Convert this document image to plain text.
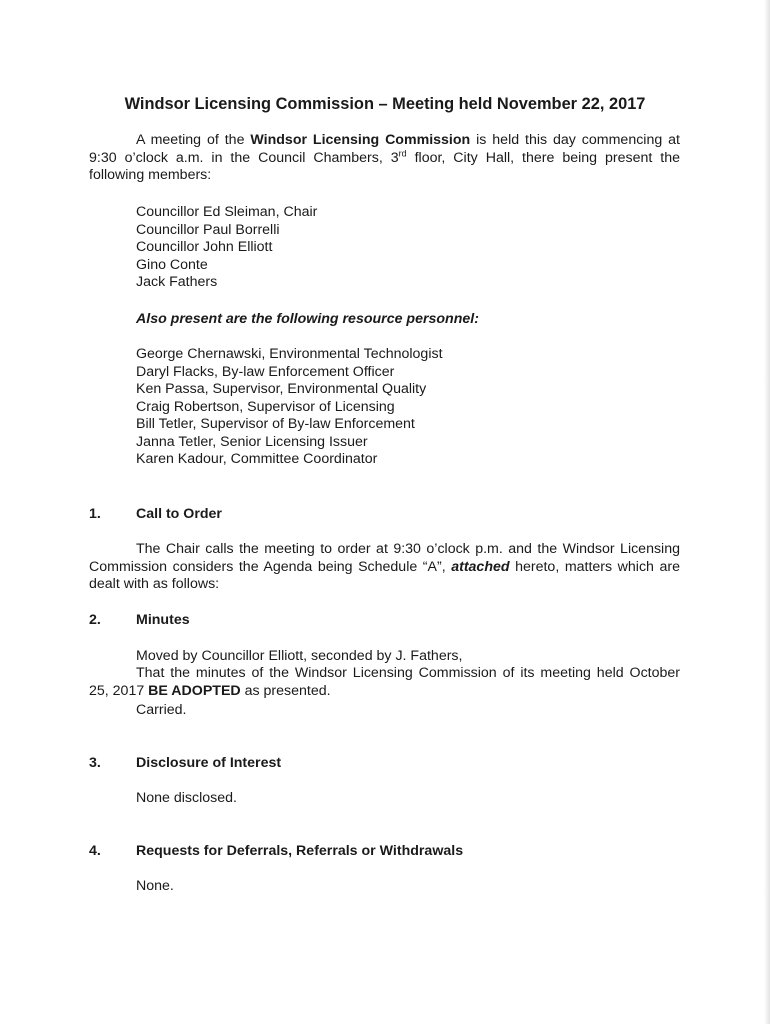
Windsor Licensing Commission – Meeting held November 22, 2017
A meeting of the Windsor Licensing Commission is held this day commencing at 9:30 o’clock a.m. in the Council Chambers, 3rd floor, City Hall, there being present the following members:
Councillor Ed Sleiman, Chair
Councillor Paul Borrelli
Councillor John Elliott
Gino Conte
Jack Fathers
Also present are the following resource personnel:
George Chernawski, Environmental Technologist
Daryl Flacks, By-law Enforcement Officer
Ken Passa, Supervisor, Environmental Quality
Craig Robertson, Supervisor of Licensing
Bill Tetler, Supervisor of By-law Enforcement
Janna Tetler, Senior Licensing Issuer
Karen Kadour, Committee Coordinator
1. Call to Order
The Chair calls the meeting to order at 9:30 o’clock p.m. and the Windsor Licensing Commission considers the Agenda being Schedule “A”, attached hereto, matters which are dealt with as follows:
2. Minutes
Moved by Councillor Elliott, seconded by J. Fathers,
That the minutes of the Windsor Licensing Commission of its meeting held October 25, 2017 BE ADOPTED as presented.
Carried.
3. Disclosure of Interest
None disclosed.
4. Requests for Deferrals, Referrals or Withdrawals
None.
